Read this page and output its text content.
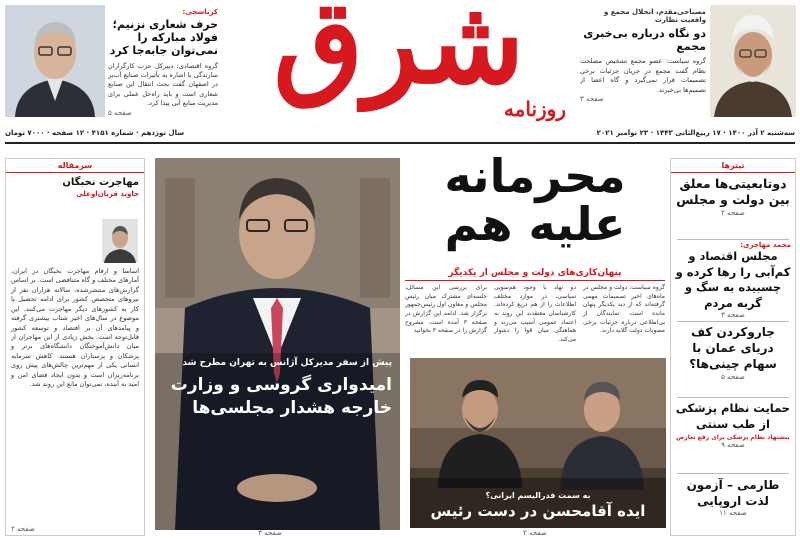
کرباسچی:
حرف شعاری نزنیم؛ فولاد مبارکه را نمی‌توان جابه‌جا کرد
گروه اقتصادی: دبیرکل حزب کارگزاران سازندگی با اشاره به تأثیرات صنایع آب‌بر در اصفهان گفت بحث انتقال این صنایع شعاری است و باید راه‌حل عملی برای مدیریت منابع آبی پیدا کرد.
صفحه ۵
شرق
روزنامه
مصباحی‌مقدم، انحلال مجمع و واقعیت نظارت
دو نگاه درباره بی‌خبری مجمع
گروه سیاست: عضو مجمع تشخیص مصلحت نظام گفت مجمع در جریان جزئیات برخی تصمیمات قرار نمی‌گیرد و گاه اعضا از تصمیم‌ها بی‌خبرند.
صفحه ۳
سه‌شنبه ۲ آذر ۱۴۰۰ · ۱۷ ربیع‌الثانی ۱۴۴۳ · ۲۳ نوامبر ۲۰۲۱
سال نوزدهم · شماره ۴۱۵۱ · ۱۲ صفحه · ۷۰۰۰ تومان
سرمقاله
مهاجرت نخبگان
جاوید قربان‌اوغلی
اساسا و ارقام مهاجرت نخبگان در ایران، آمارهای مختلف و گاه متناقضی است. بر اساس گزارش‌های منتشرشده، سالانه هزاران نفر از نیروهای متخصص کشور برای ادامه تحصیل یا کار به کشورهای دیگر مهاجرت می‌کنند. این موضوع در سال‌های اخیر شتاب بیشتری گرفته و پیامدهای آن بر اقتصاد و توسعه کشور قابل‌توجه است. بخش زیادی از این مهاجران از میان دانش‌آموختگان دانشگاه‌های برتر و پزشکان و پرستاران هستند. کاهش سرمایه انسانی یکی از مهم‌ترین چالش‌های پیش روی برنامه‌ریزان است و بدون ایجاد فضای امن و امید به آینده، نمی‌توان مانع این روند شد.
صفحه ۲
پیش از سفر مدیرکل آژانس به تهران مطرح شد
امیدواری گروسی و وزارت خارجه هشدار مجلسی‌ها
صفحه ۳
محرمانه علیه هم
پنهان‌کاری‌های دولت و مجلس از یکدیگر
گروه سیاست: دولت و مجلس در ماه‌های اخیر تصمیمات مهمی گرفته‌اند که از دید یکدیگر پنهان مانده است. نمایندگان از بی‌اطلاعی درباره جزئیات برخی مصوبات دولت گلایه دارند.
دو نهاد با وجود هم‌سویی سیاسی، در موارد مختلف اطلاعات را از هم دریغ کرده‌اند. کارشناسان معتقدند این روند به اعتماد عمومی آسیب می‌زند و هماهنگی میان قوا را دشوار می‌کند.
برای بررسی این مسائل، جلسه‌ای مشترک میان رئیس مجلس و معاون اول رئیس‌جمهور برگزار شد. ادامه این گزارش در صفحه ۳ آمده است. مشروح گزارش را در صفحه ۳ بخوانید
به سمت فدرالیسم ایرانی؟
ایده آقامحسن در دست رئیس
صفحه ۲
تیترها
دوتابعیتی‌ها معلق بین دولت و مجلس
صفحه ۲
محمد مهاجری:
مجلس اقتصاد و کم‌آبی را رها کرده و چسبیده به سگ و گربه مردم
صفحه ۳
جاروکردن کف دریای عمان با سهام چینی‌ها؟
صفحه ۵
حمایت نظام پزشکی از طب سنتی
پیشنهاد نظام پزشکی برای رفع تعارض
صفحه ۹
طارمی – آزمون لذت اروپایی
صفحه ۱۱
